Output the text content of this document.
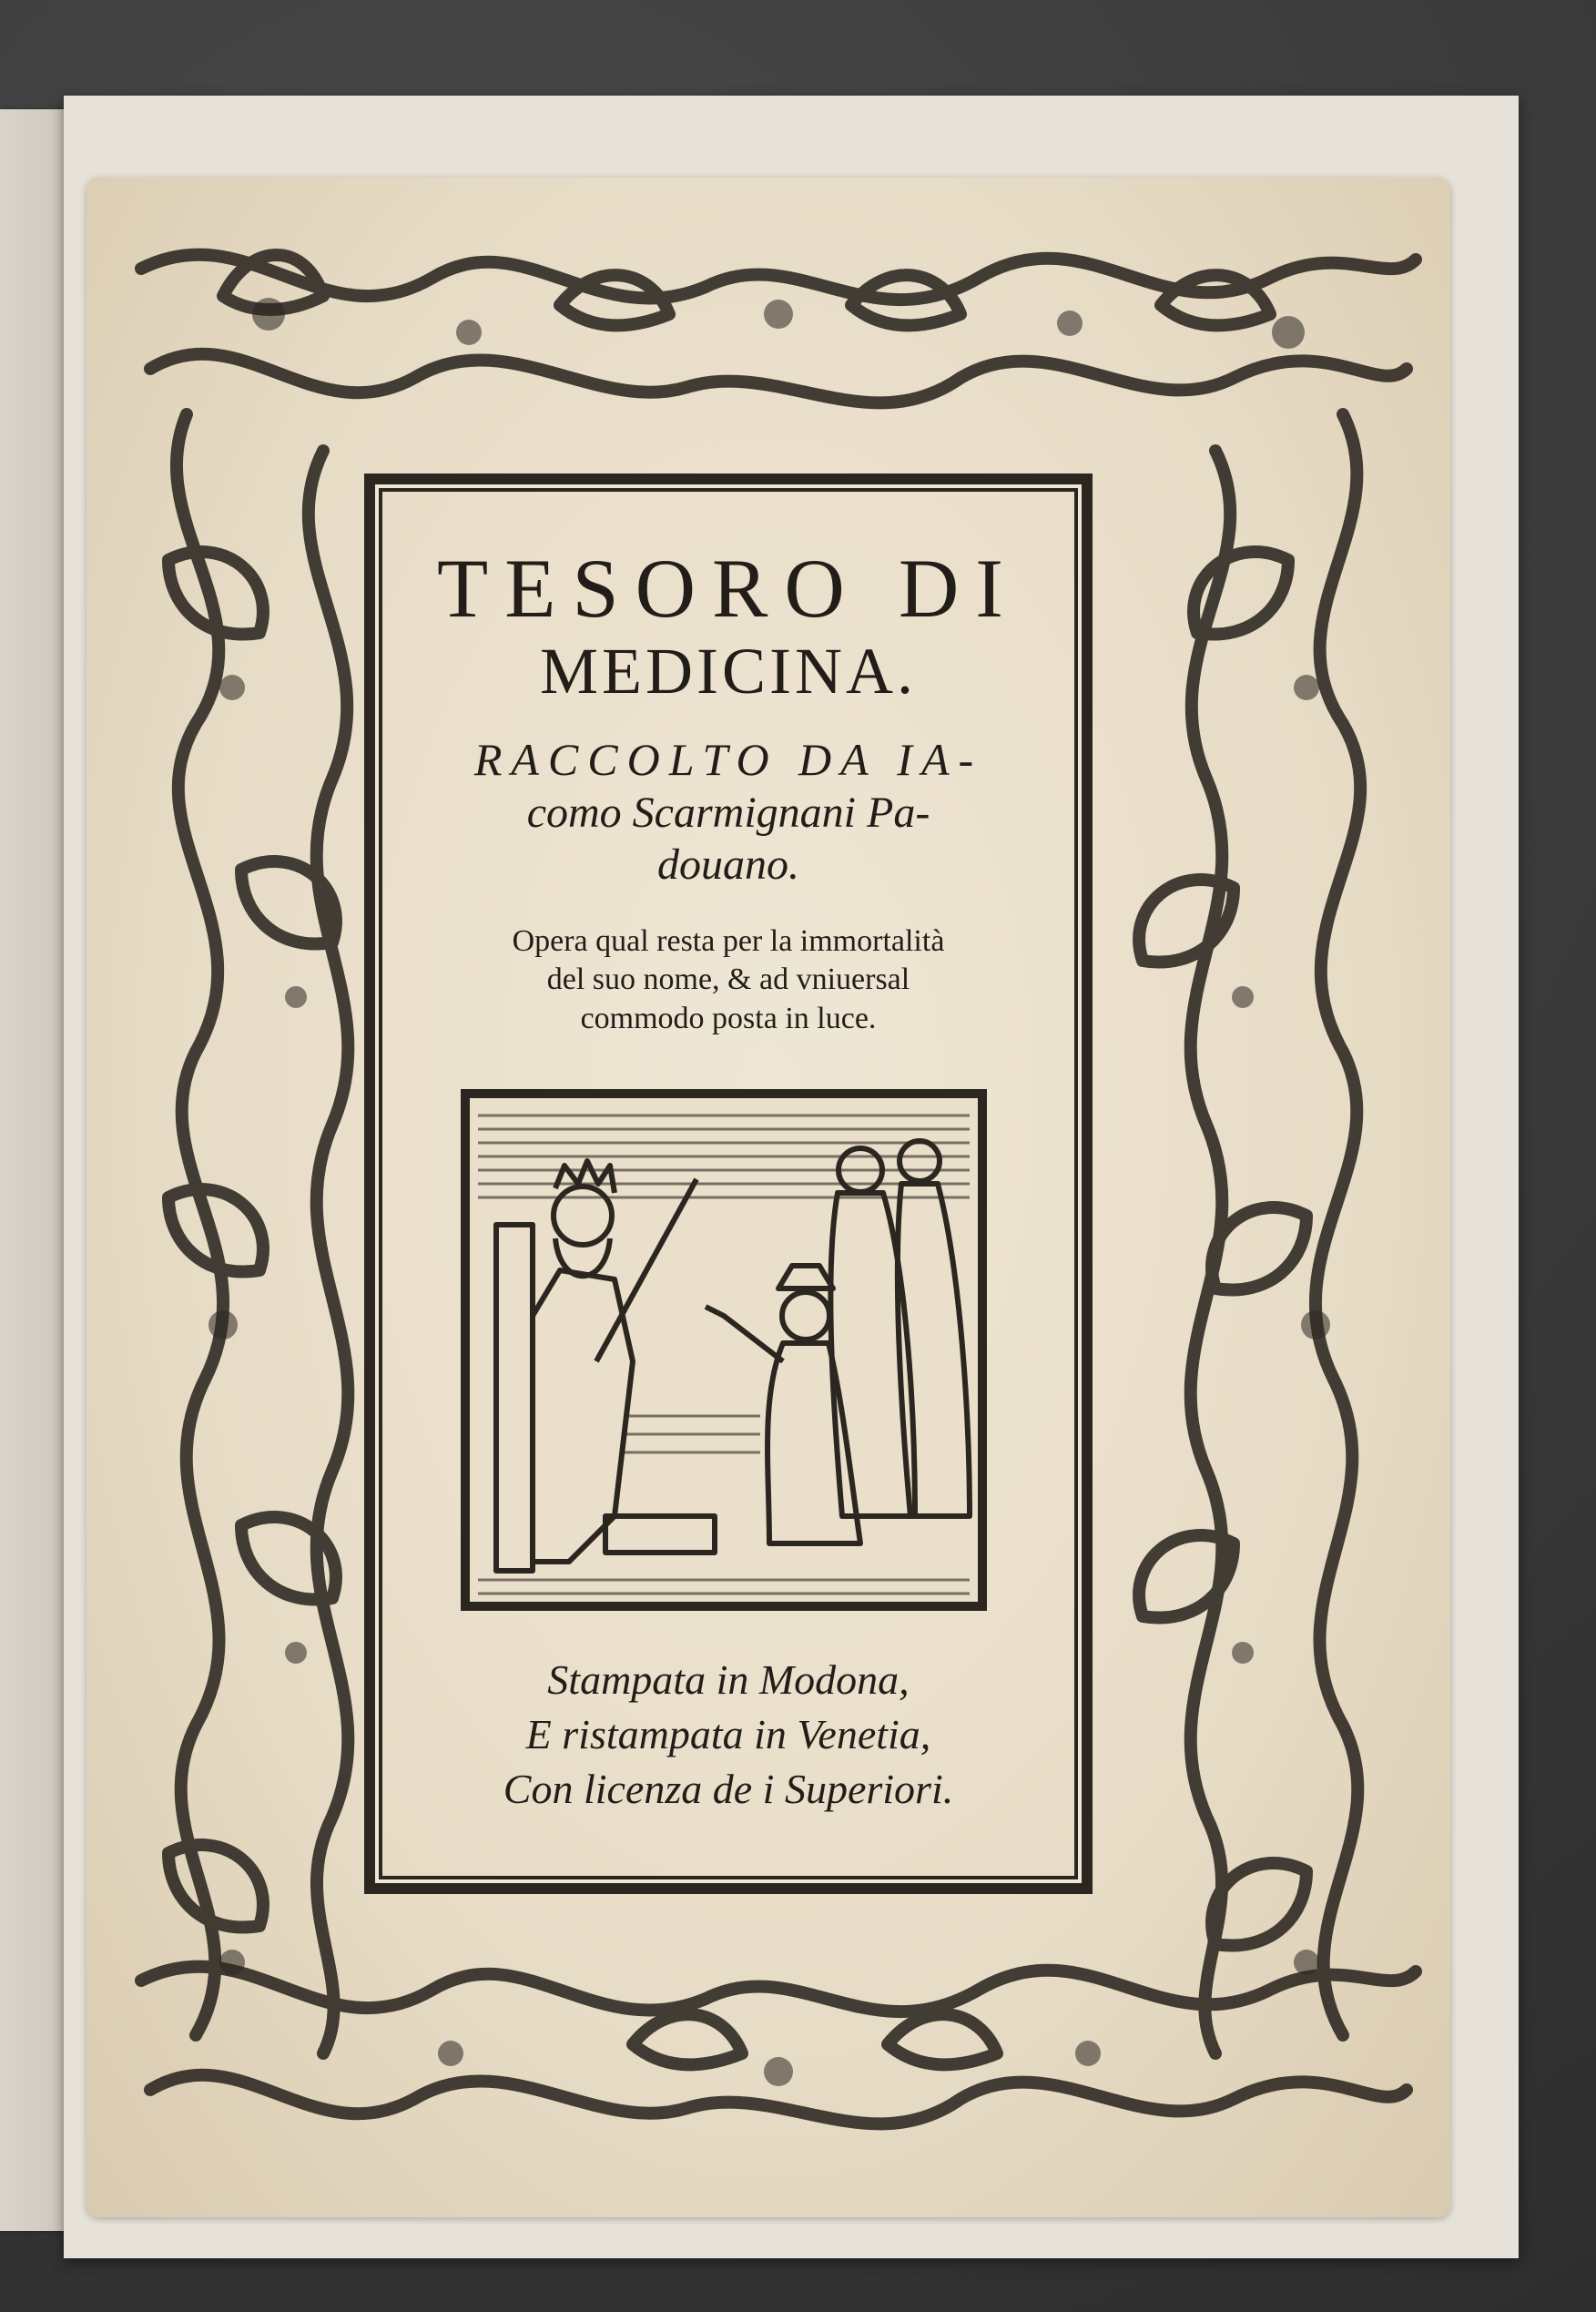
TESORO DI
MEDICINA.
RACCOLTO DA IA-
como Scarmignani Pa-
douano.
Opera qual resta per la immortalità
del suo nome, & ad vniuersal
commodo posta in luce.
Stampata in Modona,
E ristampata in Venetia,
Con licenza de i Superiori.
